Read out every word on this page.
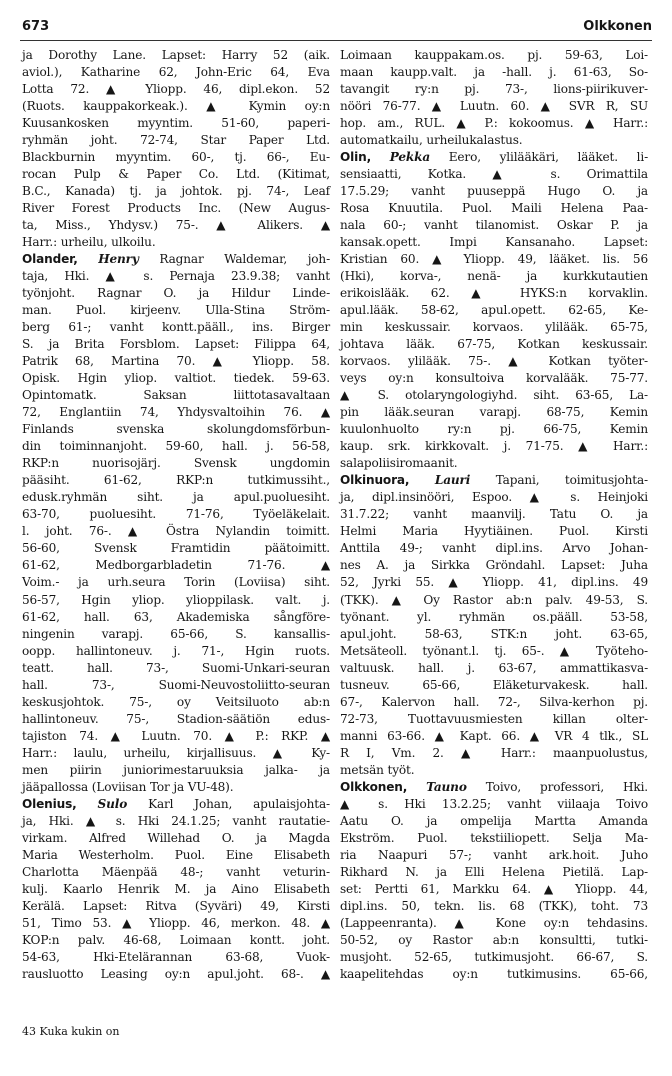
673	Olkkonen
ja Dorothy Lane. Lapset: Harry 52 (aik.
aviol.), Katharine 62, John-Eric 64, Eva
Lotta 72. ▲ Yliopp. 46, dipl.ekon. 52
(Ruots. kauppakorkeak.). ▲ Kymin oy:n
Kuusankosken myyntim. 51-60, paperi-
ryhmän joht. 72-74, Star Paper Ltd.
Blackburnin myyntim. 60-, tj. 66-, Eu-
rocan Pulp & Paper Co. Ltd. (Kitimat,
B.C., Kanada) tj. ja johtok. pj. 74-, Leaf
River Forest Products Inc. (New Augus-
ta, Miss., Yhdysv.) 75-. ▲ Alikers. ▲
Harr.: urheilu, ulkoilu.
Olander, Henry Ragnar Waldemar, joh-
taja, Hki. ▲ s. Pernaja 23.9.38; vanht
työnjoht. Ragnar O. ja Hildur Linde-
man. Puol. kirjeenv. Ulla-Stina Ström-
berg 61-; vanht kontt.pääll., ins. Birger
S. ja Brita Forsblom. Lapset: Filippa 64,
Patrik 68, Martina 70. ▲ Yliopp. 58.
Opisk. Hgin yliop. valtiot. tiedek. 59-63.
Opintomatk. Saksan liittotasavaltaan
72, Englantiin 74, Yhdysvaltoihin 76. ▲
Finlands svenska skolungdomsförbun-
din toiminnanjoht. 59-60, hall. j. 56-58,
RKP:n nuorisojärj. Svensk ungdomin
pääsiht. 61-62, RKP:n tutkimussiht.,
edusk.ryhmän siht. ja apul.puoluesiht.
63-70, puoluesiht. 71-76, Työeläkelait.
l. joht. 76-. ▲ Östra Nylandin toimitt.
56-60, Svensk Framtidin päätoimitt.
61-62, Medborgarbladetin 71-76. ▲
Voim.- ja urh.seura Torin (Loviisa) siht.
56-57, Hgin yliop. ylioppilask. valt. j.
61-62, hall. 63, Akademiska sångföre-
ningenin varapj. 65-66, S. kansallis-
oopp. hallintoneuv. j. 71-, Hgin ruots.
teatt. hall. 73-, Suomi-Unkari-seuran
hall. 73-, Suomi-Neuvostoliitto-seuran
keskusjohtok. 75-, oy Veitsiluoto ab:n
hallintoneuv. 75-, Stadion-säätiön edus-
tajiston 74. ▲ Luutn. 70. ▲ P.: RKP. ▲
Harr.: laulu, urheilu, kirjallisuus. ▲ Ky-
men piirin juniorimestaruuksia jalka- ja
jääpallossa (Loviisan Tor ja VU-48).
Olenius, Sulo Karl Johan, apulaisjohta-
ja, Hki. ▲ s. Hki 24.1.25; vanht rautatie-
virkam. Alfred Willehad O. ja Magda
Maria Westerholm. Puol. Eine Elisabeth
Charlotta Mäenpää 48-; vanht veturin-
kulj. Kaarlo Henrik M. ja Aino Elisabeth
Kerälä. Lapset: Ritva (Syväri) 49, Kirsti
51, Timo 53. ▲ Yliopp. 46, merkon. 48. ▲
KOP:n palv. 46-68, Loimaan kontt. joht.
54-63, Hki-Etelärannan 63-68, Vuok-
rausluotto Leasing oy:n apul.joht. 68-. ▲
Loimaan kauppakam.os. pj. 59-63, Loi-
maan kaupp.valt. ja -hall. j. 61-63, So-
tavangit ry:n pj. 73-, lions-piirikuver-
nööri 76-77. ▲ Luutn. 60. ▲ SVR R, SU
hop. am., RUL. ▲ P.: kokoomus. ▲ Harr.:
automatkailu, urheilukalastus.
Olin, Pekka Eero, ylilääkäri, lääket. li-
sensiaatti, Kotka. ▲ s. Orimattila
17.5.29; vanht puuseppä Hugo O. ja
Rosa Knuutila. Puol. Maili Helena Paa-
nala 60-; vanht tilanomist. Oskar P. ja
kansak.opett. Impi Kansanaho. Lapset:
Kristian 60. ▲ Yliopp. 49, lääket. lis. 56
(Hki), korva-, nenä- ja kurkkutautien
erikoislääk. 62. ▲ HYKS:n korvaklin.
apul.lääk. 58-62, apul.opett. 62-65, Ke-
min keskussair. korvaos. ylilääk. 65-75,
johtava lääk. 67-75, Kotkan keskussair.
korvaos. ylilääk. 75-. ▲ Kotkan työter-
veys oy:n konsultoiva korvalääk. 75-77.
▲ S. otolaryngologiyhd. siht. 63-65, La-
pin lääk.seuran varapj. 68-75, Kemin
kuulonhuolto ry:n pj. 66-75, Kemin
kaup. srk. kirkkovalt. j. 71-75. ▲ Harr.:
salapoliisiromaanit.
Olkinuora, Lauri Tapani, toimitusjohta-
ja, dipl.insinööri, Espoo. ▲ s. Heinjoki
31.7.22; vanht maanvilj. Tatu O. ja
Helmi Maria Hyytiäinen. Puol. Kirsti
Anttila 49-; vanht dipl.ins. Arvo Johan-
nes A. ja Sirkka Gröndahl. Lapset: Juha
52, Jyrki 55. ▲ Yliopp. 41, dipl.ins. 49
(TKK). ▲ Oy Rastor ab:n palv. 49-53, S.
työnant. yl. ryhmän os.pääll. 53-58,
apul.joht. 58-63, STK:n joht. 63-65,
Metsäteoll. työnant.l. tj. 65-. ▲ Työteho-
valtuusk. hall. j. 63-67, ammattikasva-
tusneuv. 65-66, Eläketurvakesk. hall.
67-, Kalervon hall. 72-, Silva-kerhon pj.
72-73, Tuottavuusmiesten killan olter-
manni 63-66. ▲ Kapt. 66. ▲ VR 4 tlk., SL
R I, Vm. 2. ▲ Harr.: maanpuolustus,
metsän työt.
Olkkonen, Tauno Toivo, professori, Hki.
▲ s. Hki 13.2.25; vanht viilaaja Toivo
Aatu O. ja ompelija Martta Amanda
Ekström. Puol. tekstiiliopett. Selja Ma-
ria Naapuri 57-; vanht ark.hoit. Juho
Rikhard N. ja Elli Helena Pietilä. Lap-
set: Pertti 61, Markku 64. ▲ Yliopp. 44,
dipl.ins. 50, tekn. lis. 68 (TKK), toht. 73
(Lappeenranta). ▲ Kone oy:n tehdasins.
50-52, oy Rastor ab:n konsultti, tutki-
musjoht. 52-65, tutkimusjoht. 66-67, S.
kaapelitehdas oy:n tutkimusins. 65-66,
43 Kuka kukin on
